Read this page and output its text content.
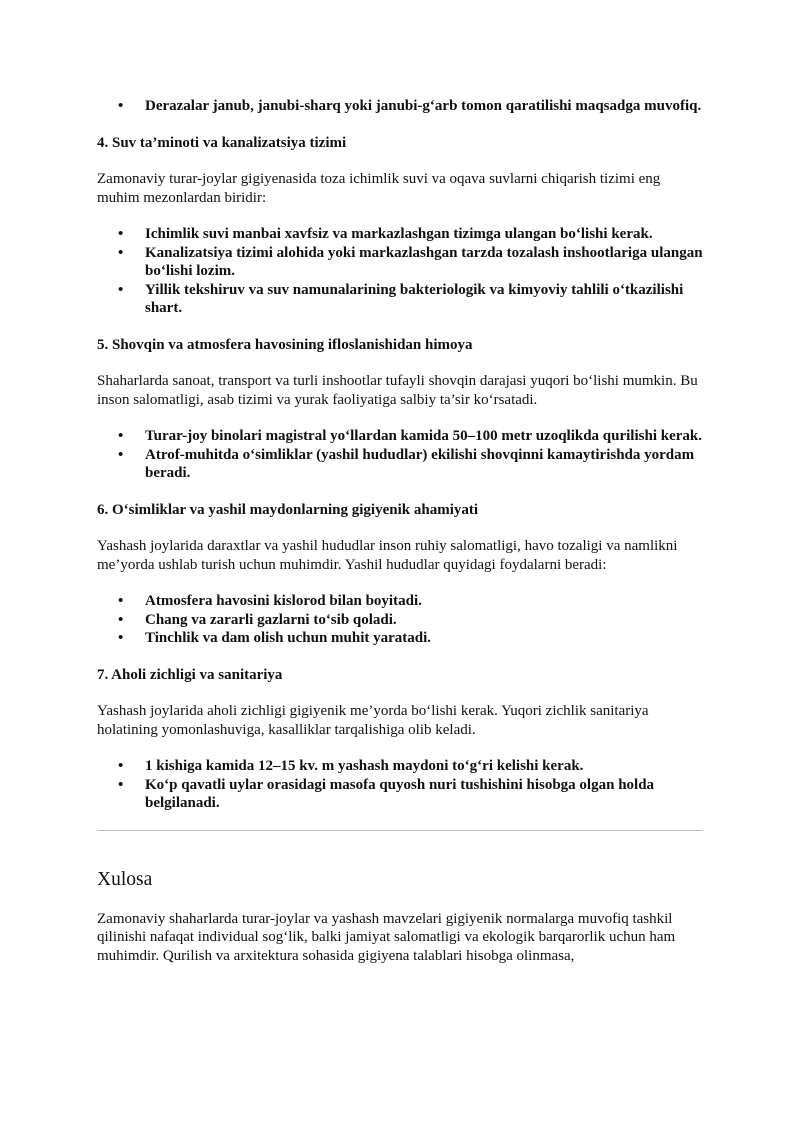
• Derazalar janub, janubi-sharq yoki janubi-g‘arb tomon qaratilishi maqsadga muvofiq.
4. Suv ta’minoti va kanalizatsiya tizimi

Zamonaviy turar-joylar gigiyenasida toza ichimlik suvi va oqava suvlarni chiqarish tizimi eng muhim mezonlardan biridir:

• Ichimlik suvi manbai xavfsiz va markazlashgan tizimga ulangan bo‘lishi kerak.
• Kanalizatsiya tizimi alohida yoki markazlashgan tarzda tozalash inshootlariga ulangan bo‘lishi lozim.
• Yillik tekshiruv va suv namunalarining bakteriologik va kimyoviy tahlili o‘tkazilishi shart.
5. Shovqin va atmosfera havosining ifloslanishidan himoya

Shaharlarda sanoat, transport va turli inshootlar tufayli shovqin darajasi yuqori bo‘lishi mumkin. Bu inson salomatligi, asab tizimi va yurak faoliyatiga salbiy ta’sir ko‘rsatadi.

• Turar-joy binolari magistral yo‘llardan kamida 50–100 metr uzoqlikda qurilishi kerak.
• Atrof-muhitda o‘simliklar (yashil hududlar) ekilishi shovqinni kamaytirishda yordam beradi.
6. O‘simliklar va yashil maydonlarning gigiyenik ahamiyati

Yashash joylarida daraxtlar va yashil hududlar inson ruhiy salomatligi, havo tozaligi va namlikni me’yorda ushlab turish uchun muhimdir. Yashil hududlar quyidagi foydalarni beradi:

• Atmosfera havosini kislorod bilan boyitadi.
• Chang va zararli gazlarni to‘sib qoladi.
• Tinchlik va dam olish uchun muhit yaratadi.
7. Aholi zichligi va sanitariya

Yashash joylarida aholi zichligi gigiyenik me’yorda bo‘lishi kerak. Yuqori zichlik sanitariya holatining yomonlashuviga, kasalliklar tarqalishiga olib keladi.

• 1 kishiga kamida 12–15 kv. m yashash maydoni to‘g‘ri kelishi kerak.
• Ko‘p qavatli uylar orasidagi masofa quyosh nuri tushishini hisobga olgan holda belgilanadi.
Xulosa

Zamonaviy shaharlarda turar-joylar va yashash mavzelari gigiyenik normalarga muvofiq tashkil qilinishi nafaqat individual sog‘lik, balki jamiyat salomatligi va ekologik barqarorlik uchun ham muhimdir. Qurilish va arxitektura sohasida gigiyena talablari hisobga olinmasa,
